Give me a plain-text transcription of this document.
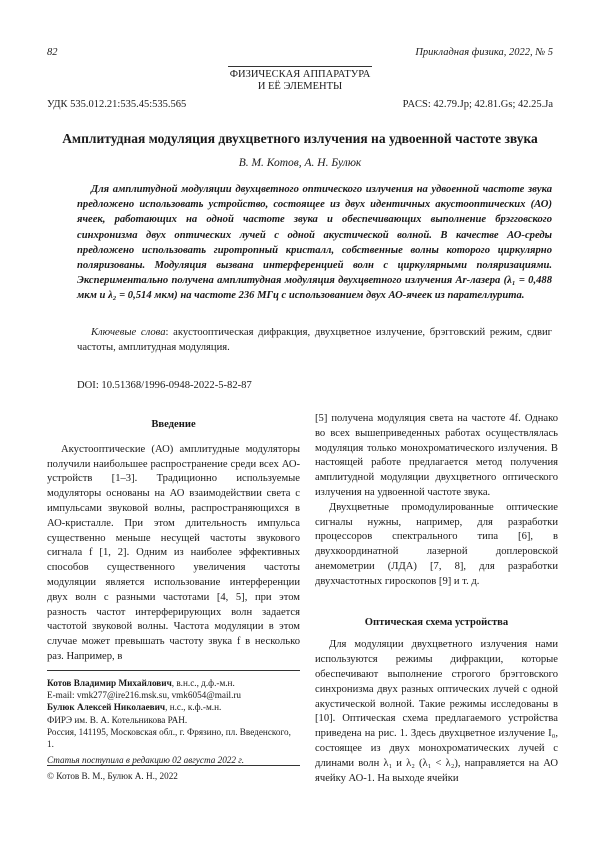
82	Прикладная физика, 2022, № 5
ФИЗИЧЕСКАЯ АППАРАТУРА
И ЕЁ ЭЛЕМЕНТЫ
УДК 535.012.21:535.45:535.565	PACS: 42.79.Jp; 42.81.Gs; 42.25.Ja
Амплитудная модуляция двухцветного излучения на удвоенной частоте звука
В. М. Котов, А. Н. Булюк

Для амплитудной модуляции двухцветного оптического излучения на удвоенной частоте звука предложено использовать устройство, состоящее из двух идентичных акустооптических (АО) ячеек, работающих на одной частоте звука и обеспечивающих выполнение брэгговского синхронизма двух оптических лучей с одной акустической волной. В качестве АО-среды предложено использовать гиротропный кристалл, собственные волны которого циркулярно поляризованы. Модуляция вызвана интерференцией волн с циркулярными поляризациями. Экспериментально получена амплитудная модуляция двухцветного излучения Ar-лазера (λ₁ = 0,488 мкм и λ₂ = 0,514 мкм) на частоте 236 МГц с использованием двух АО-ячеек из парателлурита.

Ключевые слова: акустооптическая дифракция, двухцветное излучение, брэгговский режим, сдвиг частоты, амплитудная модуляция.

DOI: 10.51368/1996-0948-2022-5-82-87
Введение

Акустооптические (АО) амплитудные модуляторы получили наибольшее распространение среди всех АО-устройств [1–3]. Традиционно используемые модуляторы основаны на АО взаимодействии света с импульсами звуковой волны, распространяющихся в АО-кристалле. При этом длительность импульса существенно меньше несущей частоты звукового сигнала f [1, 2]. Одним из наиболее эффективных способов существенного увеличения частоты модуляции является использование интерференции двух волн с разными частотами [4, 5], при этом разность частот интерферирующих волн задается частотой звуковой волны. Частота модуляции в этом случае может превышать частоту звука f в несколько раз. Например, в

Котов Владимир Михайлович, в.н.с., д.ф.-м.н.
E-mail: vmk277@ire216.msk.su, vmk6054@mail.ru
Булюк Алексей Николаевич, н.с., к.ф.-м.н.
ФИРЭ им. В. А. Котельникова РАН.
Россия, 141195, Московская обл., г. Фрязино, пл. Введенского, 1.
Статья поступила в редакцию 02 августа 2022 г.
© Котов В. М., Булюк А. Н., 2022

[5] получена модуляция света на частоте 4f. Однако во всех вышеприведенных работах осуществлялась модуляция только монохроматического излучения. В настоящей работе предлагается метод получения амплитудной модуляции двухцветного оптического излучения на удвоенной частоте звука.

Двухцветные промодулированные оптические сигналы нужны, например, для разработки процессоров спектрального типа [6], в двухкоординатной лазерной доплеровской анемометрии (ЛДА) [7, 8], для разработки двухчастотных гироскопов [9] и т. д.

Оптическая схема устройства

Для модуляции двухцветного излучения нами используются режимы дифракции, которые обеспечивают выполнение строгого брэгговского синхронизма двух разных оптических лучей с одной акустической волной. Такие режимы исследованы в [10]. Оптическая схема предлагаемого устройства приведена на рис. 1. Здесь двухцветное излучение I₀, состоящее из двух монохроматических лучей с длинами волн λ₁ и λ₂ (λ₁ < λ₂), направляется на АО ячейку АО-1. На выходе ячейки
